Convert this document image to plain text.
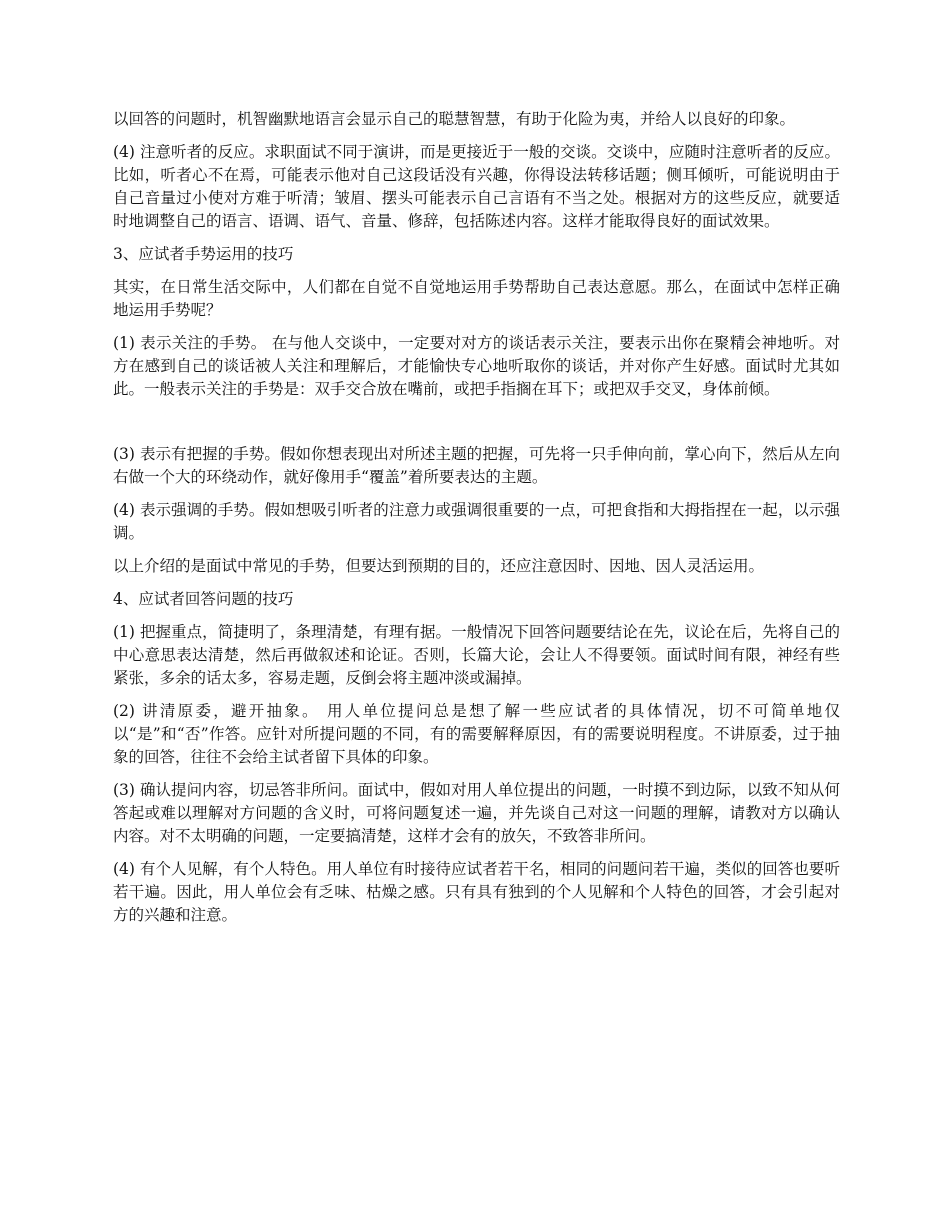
以回答的问题时，机智幽默地语言会显示自己的聪慧智慧，有助于化险为夷，并给人以良好的印象。

(4) 注意听者的反应。求职面试不同于演讲，而是更接近于一般的交谈。交谈中，应随时注意听者的反应。比如，听者心不在焉，可能表示他对自己这段话没有兴趣，你得设法转移话题；侧耳倾听，可能说明由于自己音量过小使对方难于听清；皱眉、摆头可能表示自己言语有不当之处。根据对方的这些反应，就要适时地调整自己的语言、语调、语气、音量、修辞，包括陈述内容。这样才能取得良好的面试效果。

3、应试者手势运用的技巧

其实，在日常生活交际中，人们都在自觉不自觉地运用手势帮助自己表达意愿。那么，在面试中怎样正确地运用手势呢？

(1) 表示关注的手势。 在与他人交谈中，一定要对对方的谈话表示关注，要表示出你在聚精会神地听。对方在感到自己的谈话被人关注和理解后，才能愉快专心地听取你的谈话，并对你产生好感。面试时尤其如此。一般表示关注的手势是：双手交合放在嘴前，或把手指搁在耳下；或把双手交叉，身体前倾。

(3) 表示有把握的手势。假如你想表现出对所述主题的把握，可先将一只手伸向前，掌心向下，然后从左向右做一个大的环绕动作，就好像用手“覆盖”着所要表达的主题。

(4) 表示强调的手势。假如想吸引听者的注意力或强调很重要的一点，可把食指和大拇指捏在一起，以示强调。

以上介绍的是面试中常见的手势，但要达到预期的目的，还应注意因时、因地、因人灵活运用。

4、应试者回答问题的技巧

(1) 把握重点，简捷明了，条理清楚，有理有据。一般情况下回答问题要结论在先，议论在后，先将自己的中心意思表达清楚，然后再做叙述和论证。否则，长篇大论，会让人不得要领。面试时间有限，神经有些紧张，多余的话太多，容易走题，反倒会将主题冲淡或漏掉。

(2) 讲清原委，避开抽象。 用人单位提问总是想了解一些应试者的具体情况，切不可简单地仅以“是”和“否”作答。应针对所提问题的不同，有的需要解释原因，有的需要说明程度。不讲原委，过于抽象的回答，往往不会给主试者留下具体的印象。

(3) 确认提问内容，切忌答非所问。面试中，假如对用人单位提出的问题，一时摸不到边际，以致不知从何答起或难以理解对方问题的含义时，可将问题复述一遍，并先谈自己对这一问题的理解，请教对方以确认内容。对不太明确的问题，一定要搞清楚，这样才会有的放矢，不致答非所问。

(4) 有个人见解，有个人特色。用人单位有时接待应试者若干名，相同的问题问若干遍，类似的回答也要听若干遍。因此，用人单位会有乏味、枯燥之感。只有具有独到的个人见解和个人特色的回答，才会引起对方的兴趣和注意。
